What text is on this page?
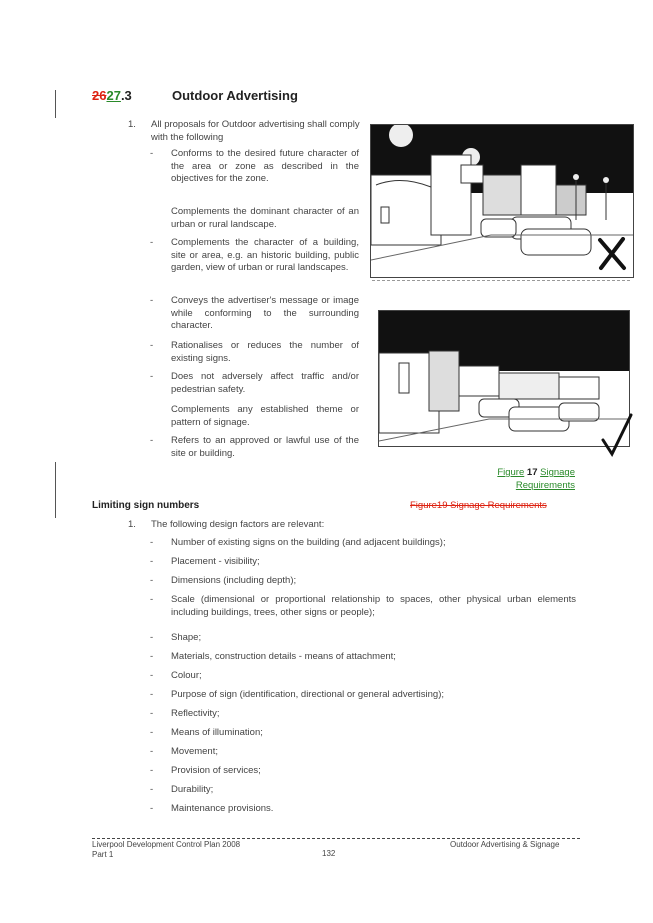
2627.3	Outdoor Advertising
1. All proposals for Outdoor advertising shall comply with the following
- Conforms to the desired future character of the area or zone as described in the objectives for the zone.
Complements the dominant character of an urban or rural landscape.
- Complements the character of a building, site or area, e.g. an historic building, public garden, view of urban or rural landscapes.
- Conveys the advertiser's message or image while conforming to the surrounding character.
- Rationalises or reduces the number of existing signs.
- Does not adversely affect traffic and/or pedestrian safety.
Complements any established theme or pattern of signage.
- Refers to an approved or lawful use of the site or building.
Figure 17 Signage
Requirements
Figure19 Signage Requirements
Limiting sign numbers
1. The following design factors are relevant:
- Number of existing signs on the building (and adjacent buildings);
- Placement - visibility;
- Dimensions (including depth);
- Scale (dimensional or proportional relationship to spaces, other physical urban elements including buildings, trees, other signs or people);
- Shape;
- Materials, construction details - means of attachment;
- Colour;
- Purpose of sign (identification, directional or general advertising);
- Reflectivity;
- Means of illumination;
- Movement;
- Provision of services;
- Durability;
- Maintenance provisions.
Liverpool Development Control Plan 2008
Part 1	132
Outdoor Advertising & Signage
